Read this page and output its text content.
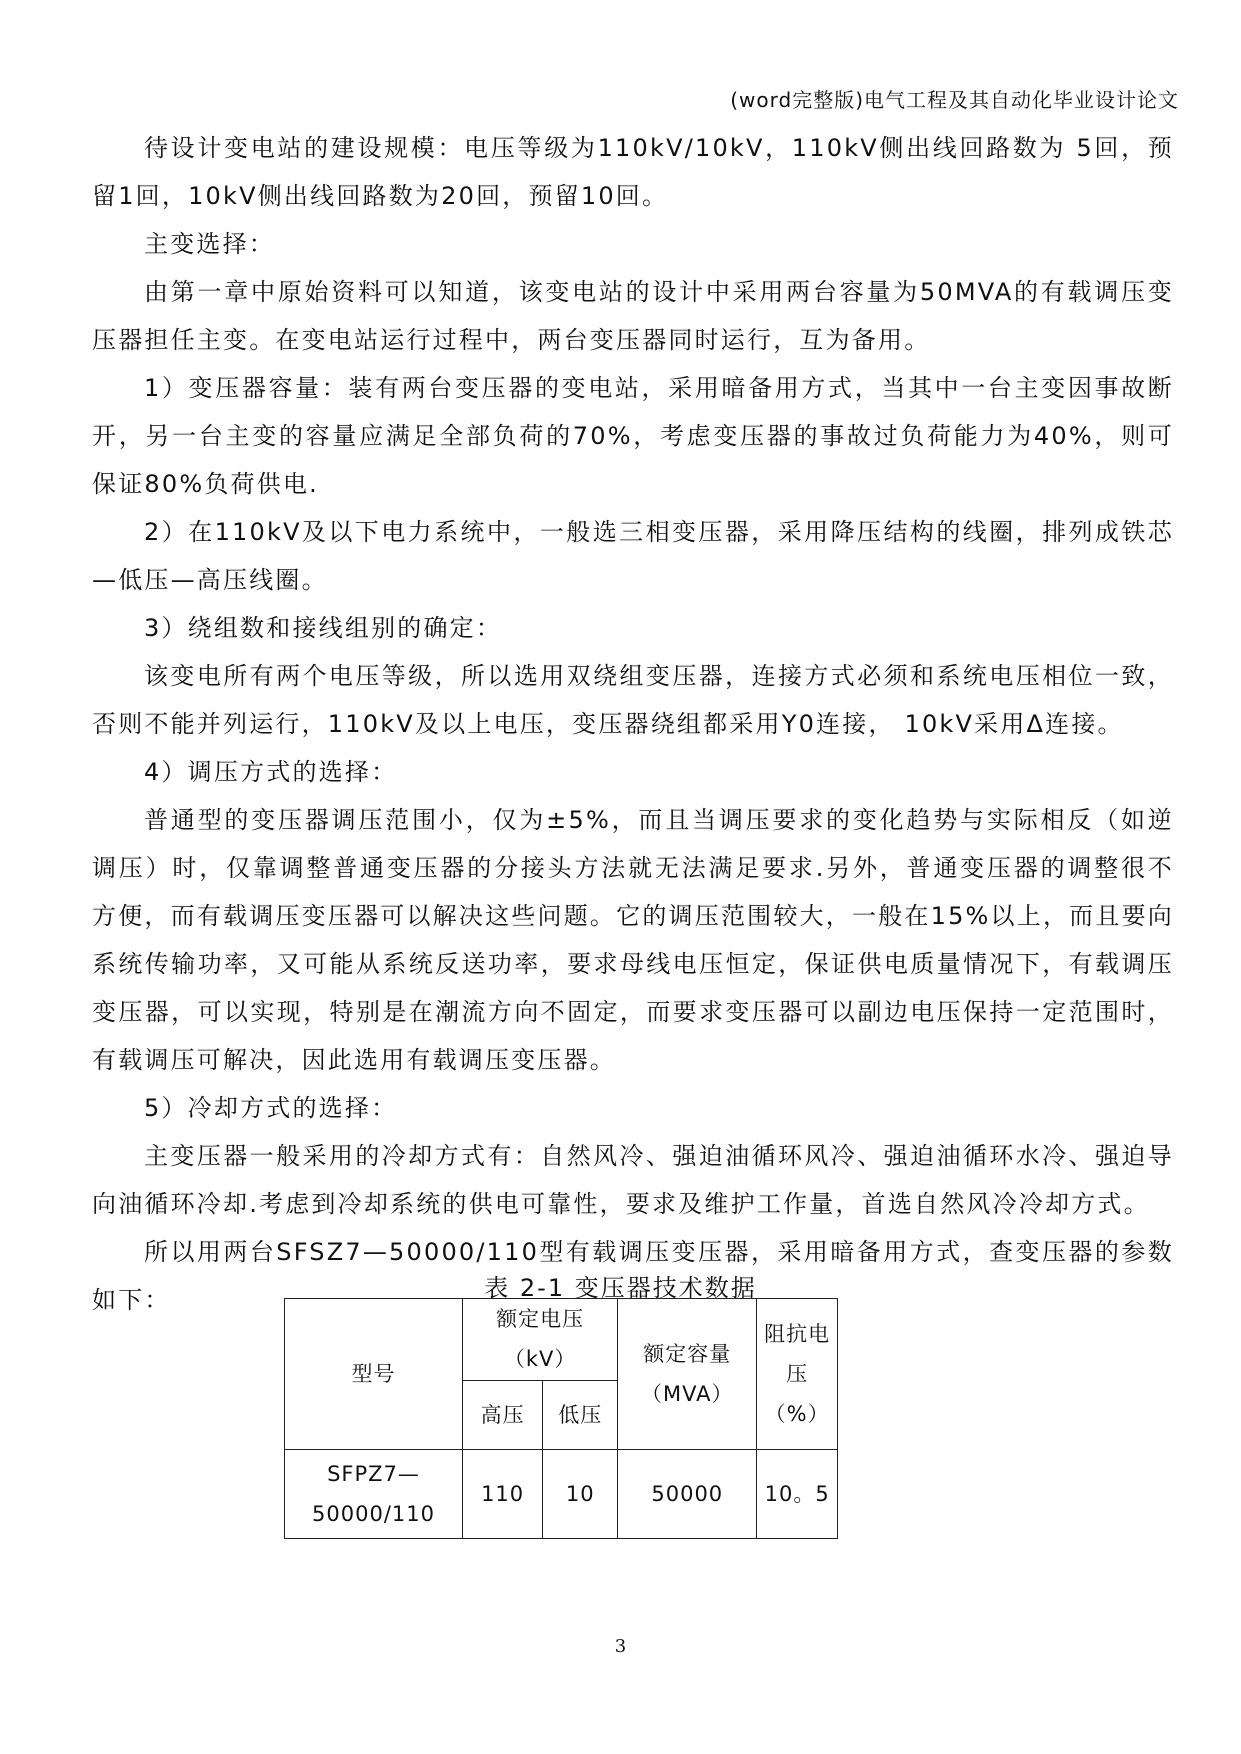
(word完整版)电气工程及其自动化毕业设计论文

待设计变电站的建设规模：电压等级为110kV/10kV，110kV侧出线回路数为 5回，预留1回，10kV侧出线回路数为20回，预留10回。

主变选择：

由第一章中原始资料可以知道，该变电站的设计中采用两台容量为50MVA的有载调压变压器担任主变。在变电站运行过程中，两台变压器同时运行，互为备用。

1）变压器容量：装有两台变压器的变电站，采用暗备用方式，当其中一台主变因事故断开，另一台主变的容量应满足全部负荷的70%，考虑变压器的事故过负荷能力为40%，则可保证80%负荷供电.

2）在110kV及以下电力系统中，一般选三相变压器，采用降压结构的线圈，排列成铁芯—低压—高压线圈。

3）绕组数和接线组别的确定：

该变电所有两个电压等级，所以选用双绕组变压器，连接方式必须和系统电压相位一致，否则不能并列运行，110kV及以上电压，变压器绕组都采用Y0连接， 10kV采用Δ连接。

4）调压方式的选择：

普通型的变压器调压范围小，仅为±5%，而且当调压要求的变化趋势与实际相反（如逆调压）时，仅靠调整普通变压器的分接头方法就无法满足要求.另外，普通变压器的调整很不方便，而有载调压变压器可以解决这些问题。它的调压范围较大，一般在15%以上，而且要向系统传输功率，又可能从系统反送功率，要求母线电压恒定，保证供电质量情况下，有载调压变压器，可以实现，特别是在潮流方向不固定，而要求变压器可以副边电压保持一定范围时，有载调压可解决，因此选用有载调压变压器。

5）冷却方式的选择：

主变压器一般采用的冷却方式有：自然风冷、强迫油循环风冷、强迫油循环水冷、强迫导向油循环冷却.考虑到冷却系统的供电可靠性，要求及维护工作量，首选自然风冷冷却方式。

所以用两台SFSZ7—50000/110型有载调压变压器，采用暗备用方式，查变压器的参数如下：	表 2-1 变压器技术数据
型号	额定电压（kV）		额定容量（MVA）	阻抗电压（%）
	高压	低压		
SFPZ7—50000/110	110	10	50000	10。5
3
